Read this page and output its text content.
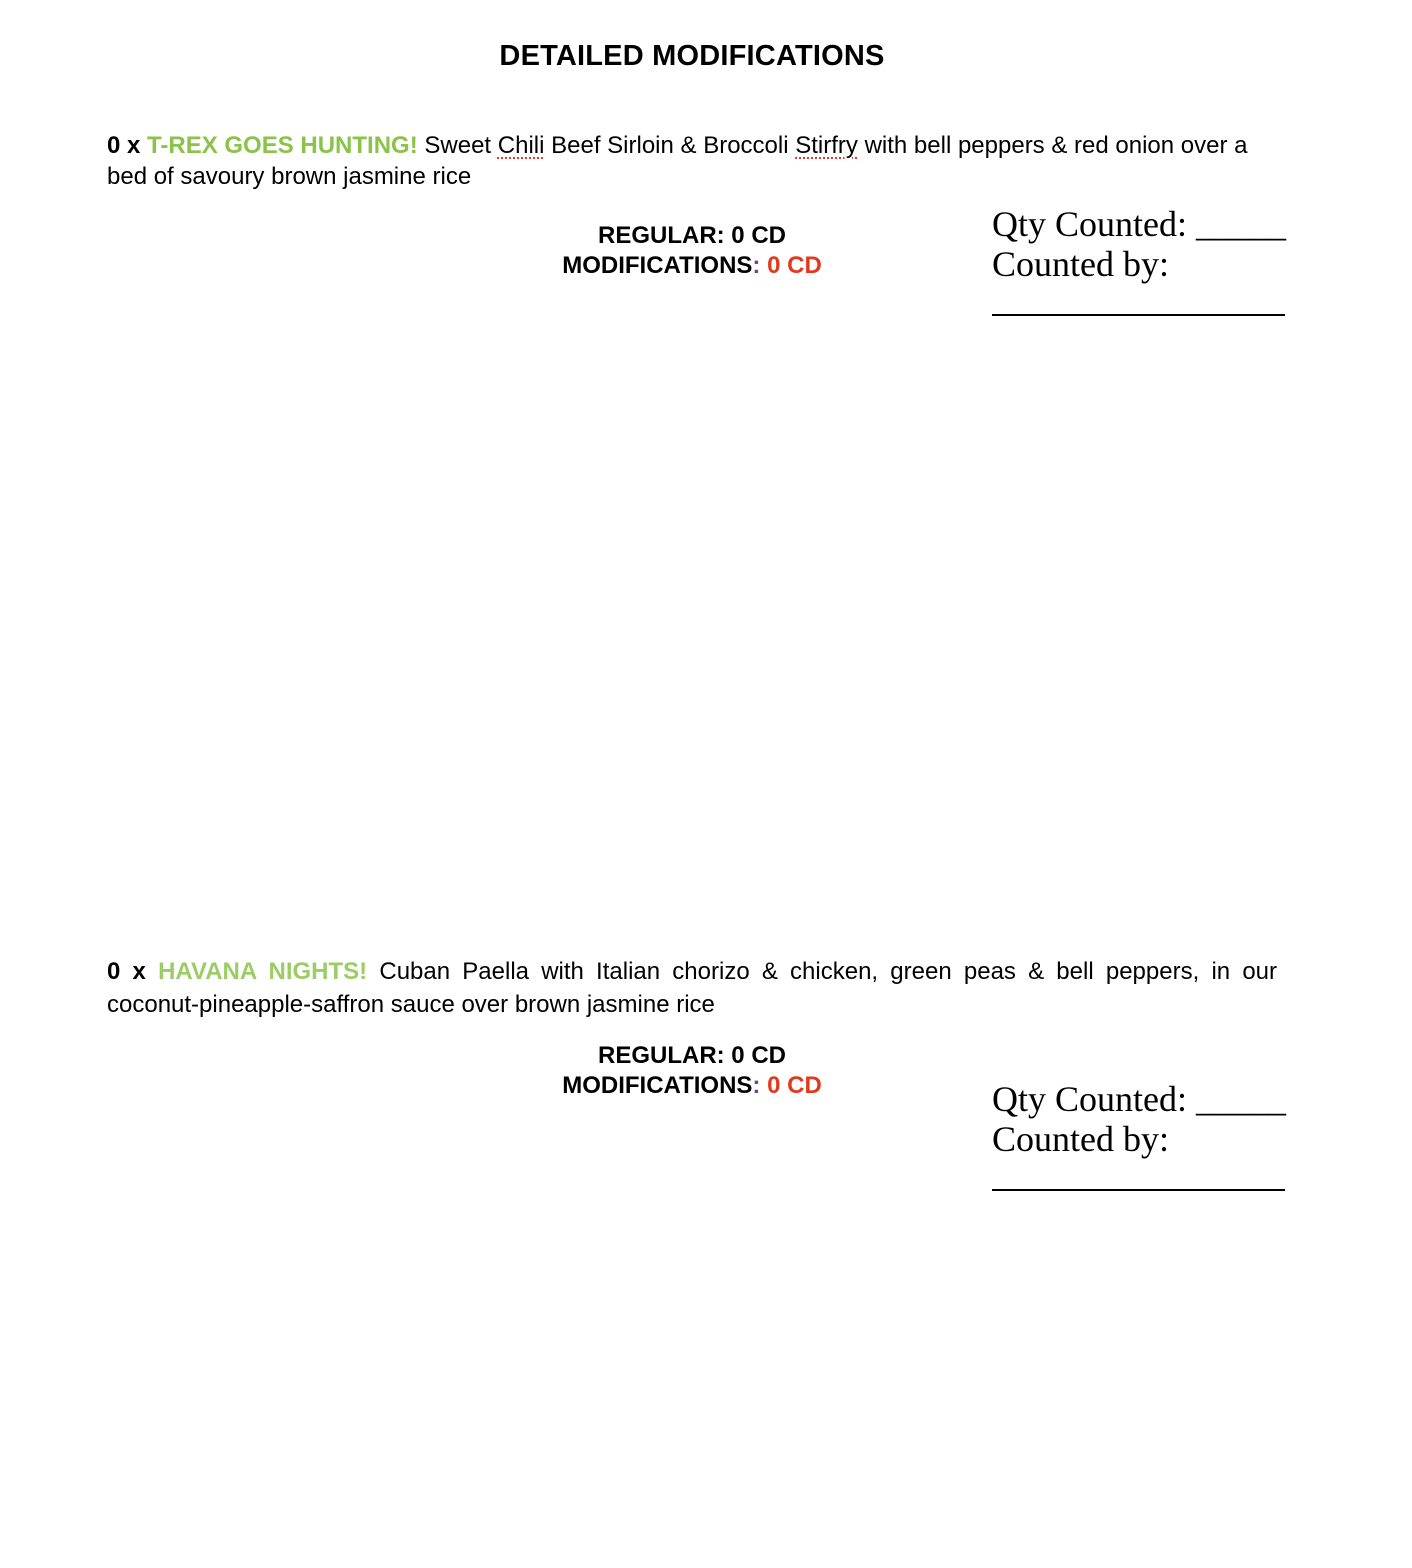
DETAILED MODIFICATIONS
0 x T-REX GOES HUNTING! Sweet Chili Beef Sirloin & Broccoli Stirfry with bell peppers & red onion over a bed of savoury brown jasmine rice
REGULAR: 0 CD
MODIFICATIONS: 0 CD
Qty Counted: _____
Counted by:
0 x HAVANA NIGHTS! Cuban Paella with Italian chorizo & chicken, green peas & bell peppers, in our coconut-pineapple-saffron sauce over brown jasmine rice
REGULAR: 0 CD
MODIFICATIONS: 0 CD	Qty Counted: _____
Counted by:
